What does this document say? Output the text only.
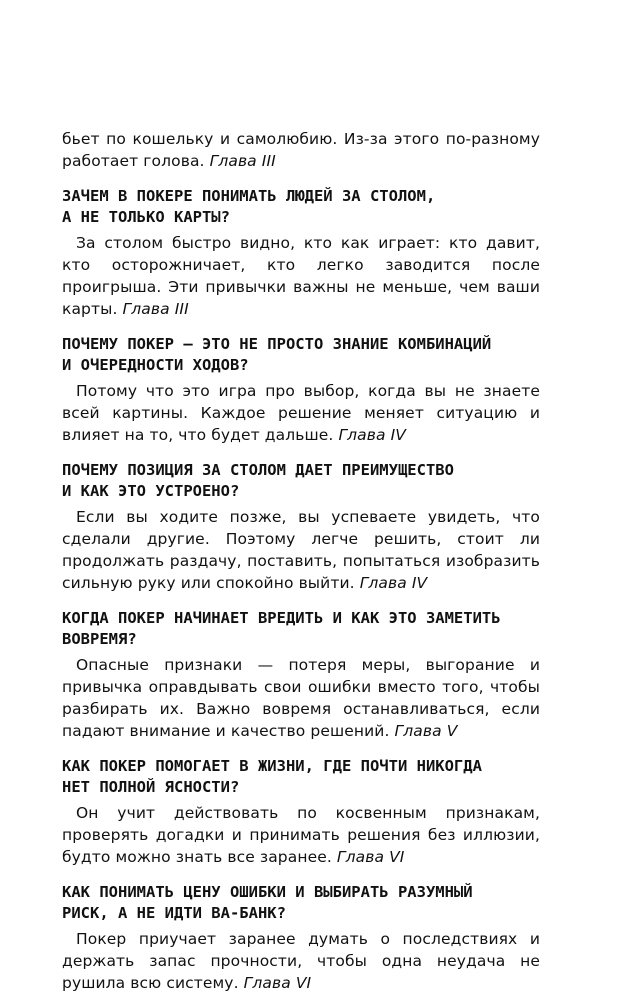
бьет по кошельку и самолюбию. Из-за этого по-разному работает голова. Глава III

ЗАЧЕМ В ПОКЕРЕ ПОНИМАТЬ ЛЮДЕЙ ЗА СТОЛОМ,
А НЕ ТОЛЬКО КАРТЫ?

За столом быстро видно, кто как играет: кто давит, кто осторожничает, кто легко заводится после проигрыша. Эти привычки важны не меньше, чем ваши карты. Глава III

ПОЧЕМУ ПОКЕР — ЭТО НЕ ПРОСТО ЗНАНИЕ КОМБИНАЦИЙ
И ОЧЕРЕДНОСТИ ХОДОВ?

Потому что это игра про выбор, когда вы не знаете всей картины. Каждое решение меняет ситуацию и влияет на то, что будет дальше. Глава IV

ПОЧЕМУ ПОЗИЦИЯ ЗА СТОЛОМ ДАЕТ ПРЕИМУЩЕСТВО
И КАК ЭТО УСТРОЕНО?

Если вы ходите позже, вы успеваете увидеть, что сделали другие. Поэтому легче решить, стоит ли продолжать раздачу, поставить, попытаться изобразить сильную руку или спокойно выйти. Глава IV

КОГДА ПОКЕР НАЧИНАЕТ ВРЕДИТЬ И КАК ЭТО ЗАМЕТИТЬ
ВОВРЕМЯ?

Опасные признаки — потеря меры, выгорание и привычка оправдывать свои ошибки вместо того, чтобы разбирать их. Важно вовремя останавливаться, если падают внимание и качество решений. Глава V

КАК ПОКЕР ПОМОГАЕТ В ЖИЗНИ, ГДЕ ПОЧТИ НИКОГДА
НЕТ ПОЛНОЙ ЯСНОСТИ?

Он учит действовать по косвенным признакам, проверять догадки и принимать решения без иллюзии, будто можно знать все заранее. Глава VI

КАК ПОНИМАТЬ ЦЕНУ ОШИБКИ И ВЫБИРАТЬ РАЗУМНЫЙ
РИСК, А НЕ ИДТИ ВА-БАНК?

Покер приучает заранее думать о последствиях и держать запас прочности, чтобы одна неудача не рушила всю систему. Глава VI
